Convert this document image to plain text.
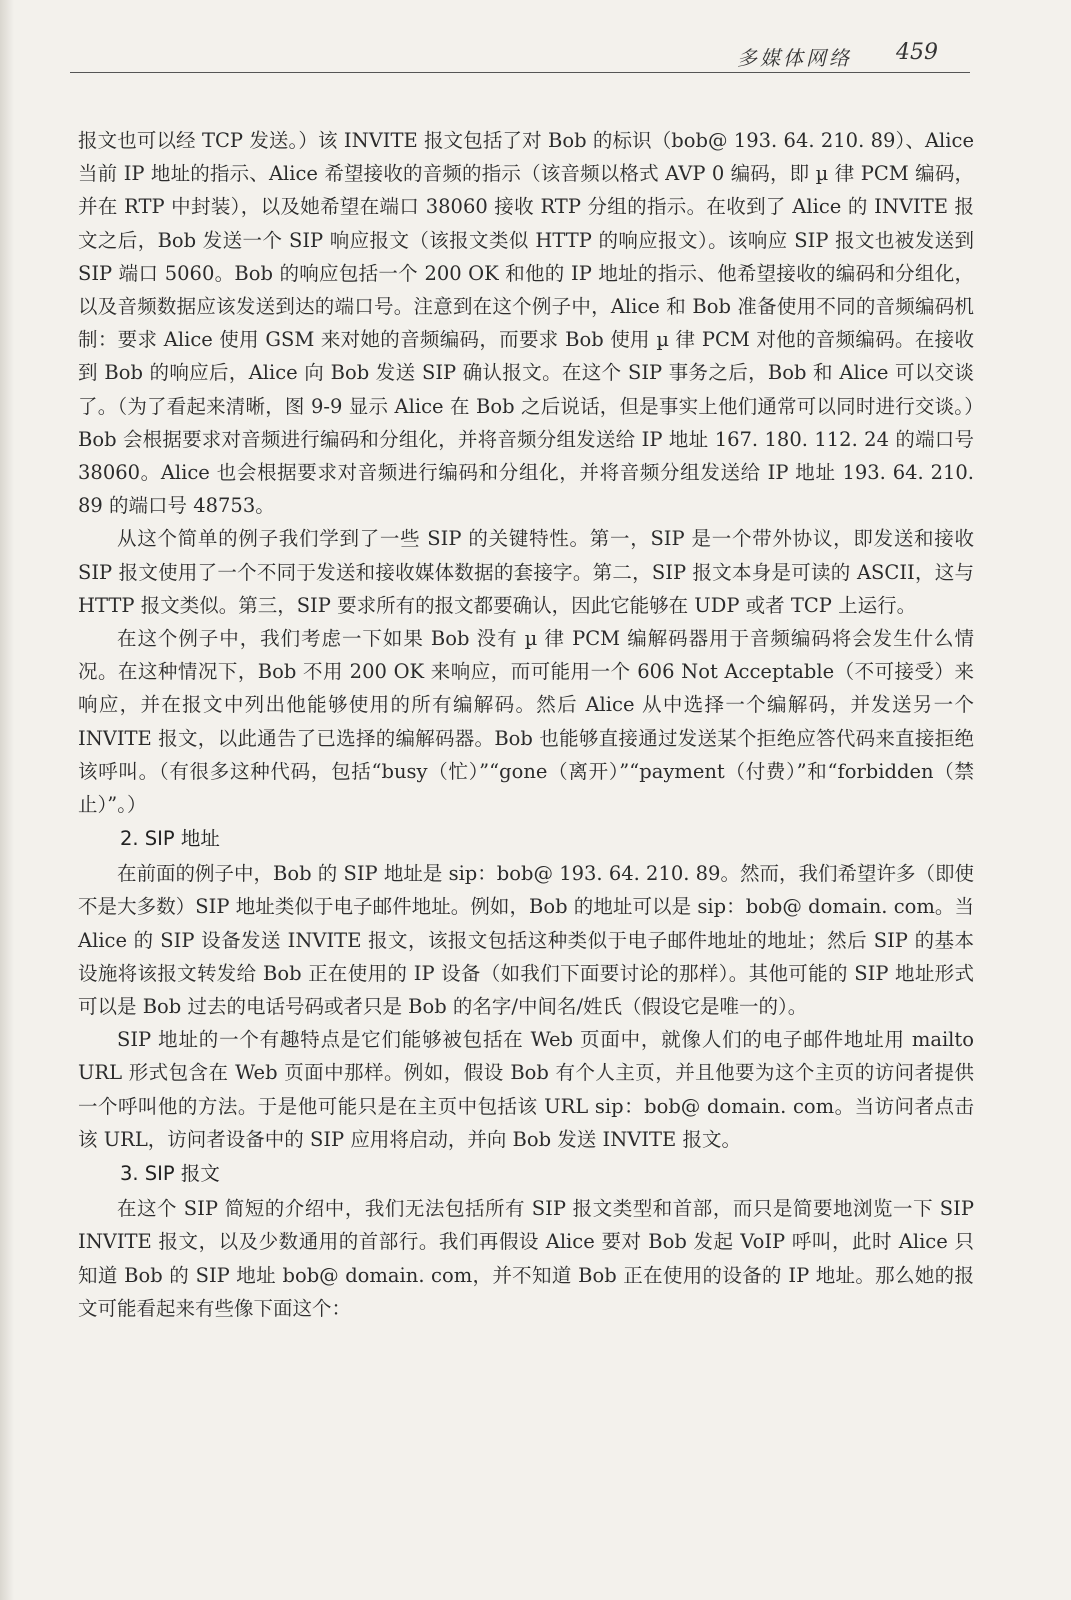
多媒体网络 459

报文也可以经 TCP 发送。）该 INVITE 报文包括了对 Bob 的标识（bob@ 193. 64. 210. 89）、Alice 当前 IP 地址的指示、Alice 希望接收的音频的指示（该音频以格式 AVP 0 编码，即 µ 律 PCM 编码，并在 RTP 中封装），以及她希望在端口 38060 接收 RTP 分组的指示。在收到了 Alice 的 INVITE 报文之后，Bob 发送一个 SIP 响应报文（该报文类似 HTTP 的响应报文）。该响应 SIP 报文也被发送到 SIP 端口 5060。Bob 的响应包括一个 200 OK 和他的 IP 地址的指示、他希望接收的编码和分组化，以及音频数据应该发送到达的端口号。注意到在这个例子中，Alice 和 Bob 准备使用不同的音频编码机制：要求 Alice 使用 GSM 来对她的音频编码，而要求 Bob 使用 µ 律 PCM 对他的音频编码。在接收到 Bob 的响应后，Alice 向 Bob 发送 SIP 确认报文。在这个 SIP 事务之后，Bob 和 Alice 可以交谈了。（为了看起来清晰，图 9-9 显示 Alice 在 Bob 之后说话，但是事实上他们通常可以同时进行交谈。）Bob 会根据要求对音频进行编码和分组化，并将音频分组发送给 IP 地址 167. 180. 112. 24 的端口号 38060。Alice 也会根据要求对音频进行编码和分组化，并将音频分组发送给 IP 地址 193. 64. 210. 89 的端口号 48753。

从这个简单的例子我们学到了一些 SIP 的关键特性。第一，SIP 是一个带外协议，即发送和接收 SIP 报文使用了一个不同于发送和接收媒体数据的套接字。第二，SIP 报文本身是可读的 ASCII，这与 HTTP 报文类似。第三，SIP 要求所有的报文都要确认，因此它能够在 UDP 或者 TCP 上运行。

在这个例子中，我们考虑一下如果 Bob 没有 µ 律 PCM 编解码器用于音频编码将会发生什么情况。在这种情况下，Bob 不用 200 OK 来响应，而可能用一个 606 Not Acceptable（不可接受）来响应，并在报文中列出他能够使用的所有编解码。然后 Alice 从中选择一个编解码，并发送另一个 INVITE 报文，以此通告了已选择的编解码器。Bob 也能够直接通过发送某个拒绝应答代码来直接拒绝该呼叫。（有很多这种代码，包括“busy（忙）”“gone（离开）”“payment（付费）”和“forbidden（禁止）”。）

2. SIP 地址

在前面的例子中，Bob 的 SIP 地址是 sip：bob@ 193. 64. 210. 89。然而，我们希望许多（即使不是大多数）SIP 地址类似于电子邮件地址。例如，Bob 的地址可以是 sip：bob@ domain. com。当 Alice 的 SIP 设备发送 INVITE 报文，该报文包括这种类似于电子邮件地址的地址；然后 SIP 的基本设施将该报文转发给 Bob 正在使用的 IP 设备（如我们下面要讨论的那样）。其他可能的 SIP 地址形式可以是 Bob 过去的电话号码或者只是 Bob 的名字/中间名/姓氏（假设它是唯一的）。

SIP 地址的一个有趣特点是它们能够被包括在 Web 页面中，就像人们的电子邮件地址用 mailto URL 形式包含在 Web 页面中那样。例如，假设 Bob 有个人主页，并且他要为这个主页的访问者提供一个呼叫他的方法。于是他可能只是在主页中包括该 URL sip：bob@ domain. com。当访问者点击该 URL，访问者设备中的 SIP 应用将启动，并向 Bob 发送 INVITE 报文。

3. SIP 报文

在这个 SIP 简短的介绍中，我们无法包括所有 SIP 报文类型和首部，而只是简要地浏览一下 SIP INVITE 报文，以及少数通用的首部行。我们再假设 Alice 要对 Bob 发起 VoIP 呼叫，此时 Alice 只知道 Bob 的 SIP 地址 bob@ domain. com，并不知道 Bob 正在使用的设备的 IP 地址。那么她的报文可能看起来有些像下面这个：
